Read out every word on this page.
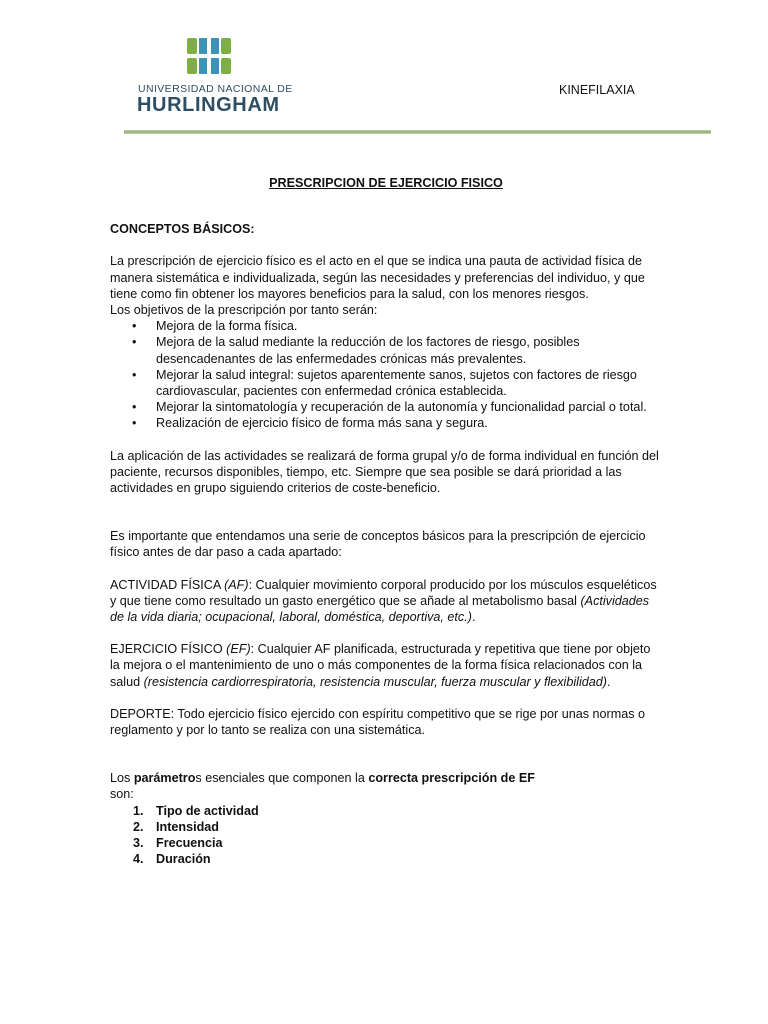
UNIVERSIDAD NACIONAL DE
HURLINGHAM
KINEFILAXIA

PRESCRIPCION DE EJERCICIO FISICO

CONCEPTOS BÁSICOS:

La prescripción de ejercicio físico es el acto en el que se indica una pauta de actividad física de manera sistemática e individualizada, según las necesidades y preferencias del individuo, y que tiene como fin obtener los mayores beneficios para la salud, con los menores riesgos.

Los objetivos de la prescripción por tanto serán:

• Mejora de la forma física.
• Mejora de la salud mediante la reducción de los factores de riesgo, posibles desencadenantes de las enfermedades crónicas más prevalentes.
• Mejorar la salud integral: sujetos aparentemente sanos, sujetos con factores de riesgo cardiovascular, pacientes con enfermedad crónica establecida.
• Mejorar la sintomatología y recuperación de la autonomía y funcionalidad parcial o total.
• Realización de ejercicio físico de forma más sana y segura.

La aplicación de las actividades se realizará de forma grupal y/o de forma individual en función del paciente, recursos disponibles, tiempo, etc. Siempre que sea posible se dará prioridad a las actividades en grupo siguiendo criterios de coste-beneficio.

Es importante que entendamos una serie de conceptos básicos para la prescripción de ejercicio físico antes de dar paso a cada apartado:

ACTIVIDAD FÍSICA (AF): Cualquier movimiento corporal producido por los músculos esqueléticos y que tiene como resultado un gasto energético que se añade al metabolismo basal (Actividades de la vida diaria; ocupacional, laboral, doméstica, deportiva, etc.).

EJERCICIO FÍSICO (EF): Cualquier AF planificada, estructurada y repetitiva que tiene por objeto la mejora o el mantenimiento de uno o más componentes de la forma física relacionados con la salud (resistencia cardiorrespiratoria, resistencia muscular, fuerza muscular y flexibilidad).

DEPORTE: Todo ejercicio físico ejercido con espíritu competitivo que se rige por unas normas o reglamento y por lo tanto se realiza con una sistemática.

Los parámetros esenciales que componen la correcta prescripción de EF
son:

1. Tipo de actividad
2. Intensidad
3. Frecuencia
4. Duración
